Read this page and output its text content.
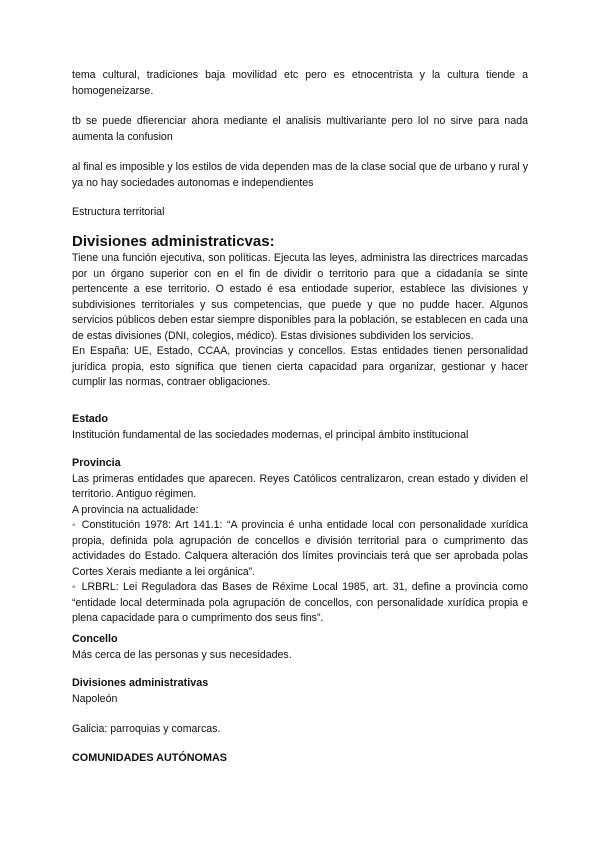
tema cultural, tradiciones baja movilidad etc pero es etnocentrista y la cultura tiende a homogeneizarse.

tb se puede dfierenciar ahora mediante el analisis multivariante pero lol no sirve para nada aumenta la confusion

al final es imposible y los estilos de vida dependen mas de la clase social que de urbano y rural y ya no hay sociedades autonomas e independientes

Estructura territorial

Divisiones administraticvas:

Tiene una función ejecutiva, son políticas. Ejecuta las leyes, administra las directrices marcadas por un órgano superior con en el fin de dividir o territorio para que a cidadanía se sinte pertencente a ese territorio. O estado é esa entiodade superior, establece las divisiones y subdivisiones territoriales y sus competencias, que puede y que no pudde hacer. Algunos servicios públicos deben estar siempre disponibles para la población, se establecen en cada una de estas divisiones (DNI, colegios, médico). Estas divisiones subdividen los servicios.

En España: UE, Estado, CCAA, provincias y concellos. Estas entidades tienen personalidad jurídica propia, esto significa que tienen cierta capacidad para organizar, gestionar y hacer cumplir las normas, contraer obligaciones.

Estado

Institución fundamental de las sociedades modernas, el principal ámbito institucional

Provincia

Las primeras entidades que aparecen. Reyes Católicos centralizaron, crean estado y dividen el territorio. Antiguo régimen.

A provincia na actualidade:

◦ Constitución 1978: Art 141.1: “A provincia é unha entidade local con personalidade xurídica propia, definida pola agrupación de concellos e división territorial para o cumprimento das actividades do Estado. Calquera alteración dos límites provinciais terá que ser aprobada polas Cortes Xerais mediante a lei orgánica”.

◦ LRBRL: Lei Reguladora das Bases de Réxime Local 1985, art. 31, define a provincia como “entidade local determinada pola agrupación de concellos, con personalidade xurídica propia e plena capacidade para o cumprimento dos seus fins”.

Concello

Más cerca de las personas y sus necesidades.

Divisiones administrativas

Napoleón

Galicia: parroquias y comarcas.

COMUNIDADES AUTÓNOMAS
